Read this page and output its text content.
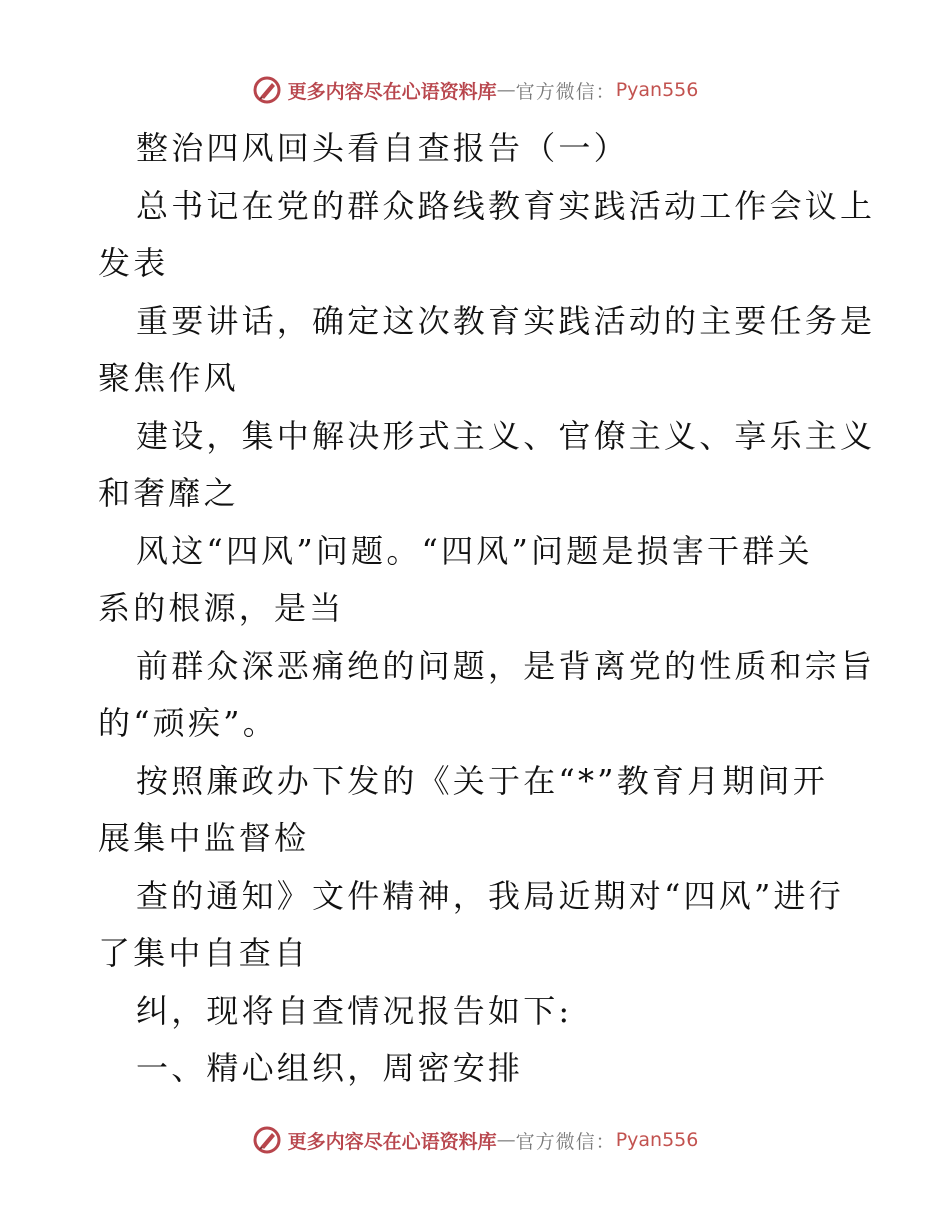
更多内容尽在心语资料库 — 官方微信： Pyan556
整治四风回头看自查报告（一）
总书记在党的群众路线教育实践活动工作会议上
发表
重要讲话，确定这次教育实践活动的主要任务是
聚焦作风
建设，集中解决形式主义、官僚主义、享乐主义
和奢靡之
风这“四风”问题。“四风”问题是损害干群关
系的根源，是当
前群众深恶痛绝的问题，是背离党的性质和宗旨
的“顽疾”。
按照廉政办下发的《关于在“*”教育月期间开
展集中监督检
查的通知》文件精神，我局近期对“四风”进行
了集中自查自
纠，现将自查情况报告如下:
一、精心组织，周密安排
更多内容尽在心语资料库 — 官方微信： Pyan556
